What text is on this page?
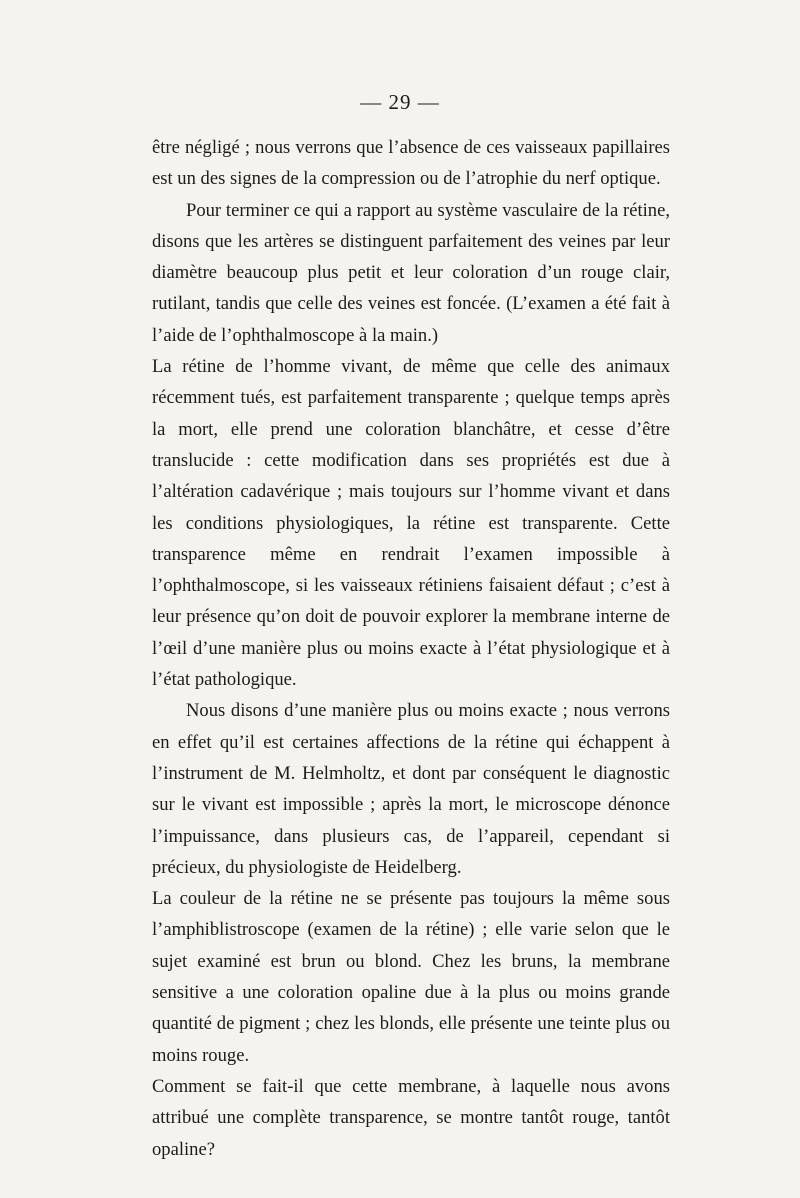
— 29 —

être négligé ; nous verrons que l’absence de ces vaisseaux papillaires est un des signes de la compression ou de l’atrophie du nerf optique.

Pour terminer ce qui a rapport au système vasculaire de la rétine, disons que les artères se distinguent parfaitement des veines par leur diamètre beaucoup plus petit et leur coloration d’un rouge clair, rutilant, tandis que celle des veines est foncée. (L’examen a été fait à l’aide de l’ophthalmoscope à la main.)

La rétine de l’homme vivant, de même que celle des animaux récemment tués, est parfaitement transparente ; quelque temps après la mort, elle prend une coloration blanchâtre, et cesse d’être translucide : cette modification dans ses propriétés est due à l’altération cadavérique ; mais toujours sur l’homme vivant et dans les conditions physiologiques, la rétine est transparente. Cette transparence même en rendrait l’examen impossible à l’ophthalmoscope, si les vaisseaux rétiniens faisaient défaut ; c’est à leur présence qu’on doit de pouvoir explorer la membrane interne de l’œil d’une manière plus ou moins exacte à l’état physiologique et à l’état pathologique.

Nous disons d’une manière plus ou moins exacte ; nous verrons en effet qu’il est certaines affections de la rétine qui échappent à l’instrument de M. Helmholtz, et dont par conséquent le diagnostic sur le vivant est impossible ; après la mort, le microscope dénonce l’impuissance, dans plusieurs cas, de l’appareil, cependant si précieux, du physiologiste de Heidelberg.

La couleur de la rétine ne se présente pas toujours la même sous l’amphiblistroscope (examen de la rétine) ; elle varie selon que le sujet examiné est brun ou blond. Chez les bruns, la membrane sensitive a une coloration opaline due à la plus ou moins grande quantité de pigment ; chez les blonds, elle présente une teinte plus ou moins rouge.

Comment se fait-il que cette membrane, à laquelle nous avons attribué une complète transparence, se montre tantôt rouge, tantôt opaline?
